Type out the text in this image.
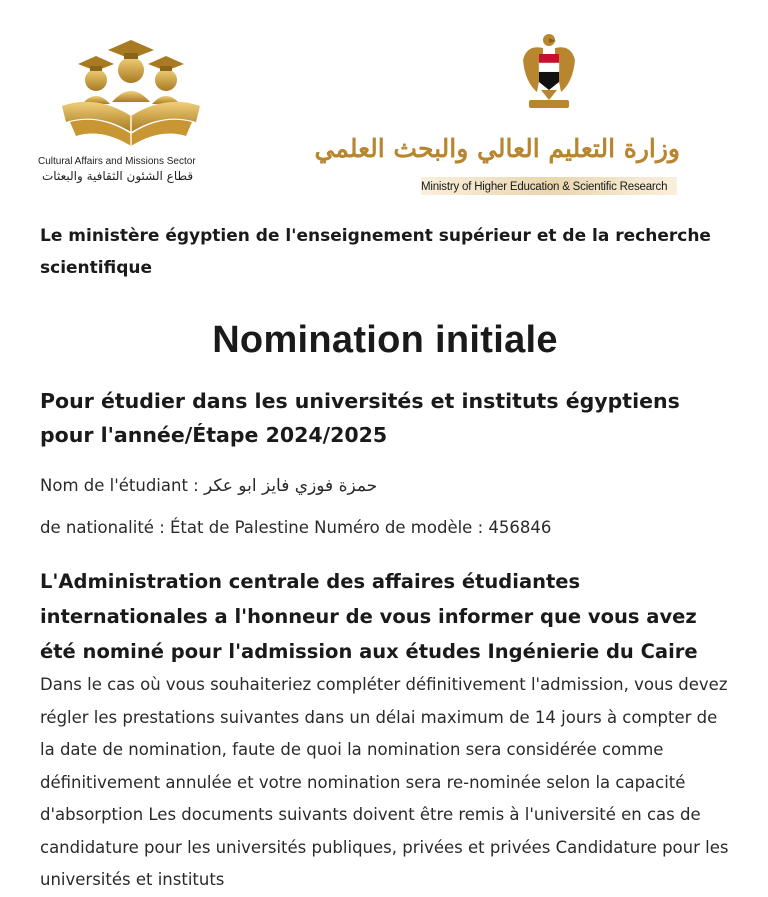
Cultural Affairs and Missions Sector
قطاع الشئون الثقافية والبعثات
وزارة التعليم العالي والبحث العلمي
Ministry of Higher Education & Scientific Research

Le ministère égyptien de l'enseignement supérieur et de la recherche scientifique

Nomination initiale

Pour étudier dans les universités et instituts égyptiens pour l'année/Étape 2024/2025

Nom de l'étudiant : حمزة فوزي فايز ابو عكر

de nationalité : État de Palestine Numéro de modèle : 456846

L'Administration centrale des affaires étudiantes internationales a l'honneur de vous informer que vous avez été nominé pour l'admission aux études Ingénierie du Caire

Dans le cas où vous souhaiteriez compléter définitivement l'admission, vous devez régler les prestations suivantes dans un délai maximum de 14 jours à compter de la date de nomination, faute de quoi la nomination sera considérée comme définitivement annulée et votre nomination sera re-nominée selon la capacité d'absorption Les documents suivants doivent être remis à l'université en cas de candidature pour les universités publiques, privées et privées Candidature pour les universités et instituts
